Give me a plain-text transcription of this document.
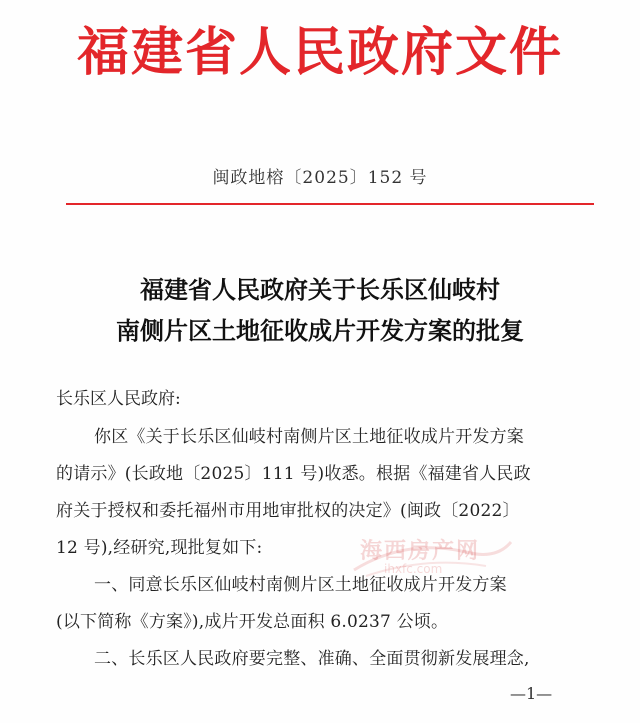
福建省人民政府文件
闽政地榕〔2025〕152 号
福建省人民政府关于长乐区仙岐村
南侧片区土地征收成片开发方案的批复
长乐区人民政府:
你区《关于长乐区仙岐村南侧片区土地征收成片开发方案
的请示》(长政地〔2025〕111 号)收悉。根据《福建省人民政
府关于授权和委托福州市用地审批权的决定》(闽政〔2022〕
12 号),经研究,现批复如下:
一、同意长乐区仙岐村南侧片区土地征收成片开发方案
(以下简称《方案》),成片开发总面积 6.0237 公顷。
二、长乐区人民政府要完整、准确、全面贯彻新发展理念,
海西房产网
ihxfc.com
—1—
